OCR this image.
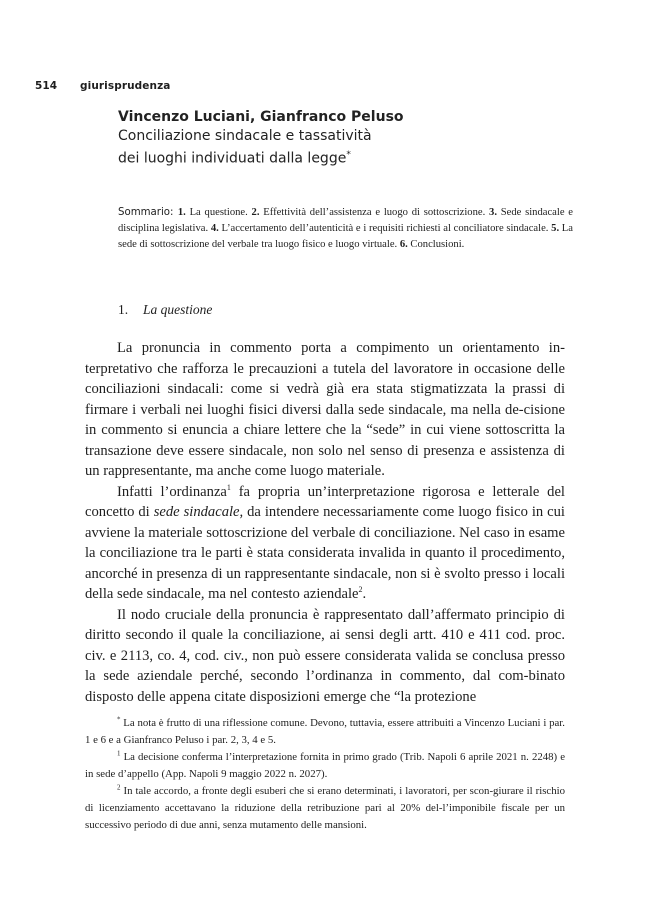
514 giurisprudenza
Vincenzo Luciani, Gianfranco Peluso
Conciliazione sindacale e tassatività
dei luoghi individuati dalla legge*
Sommario: 1. La questione. 2. Effettività dell’assistenza e luogo di sottoscrizione. 3. Sede sindacale e disciplina legislativa. 4. L’accertamento dell’autenticità e i requisiti richiesti al conciliatore sindacale. 5. La sede di sottoscrizione del verbale tra luogo fisico e luogo virtuale. 6. Conclusioni.
1. La questione

La pronuncia in commento porta a compimento un orientamento in-terpretativo che rafforza le precauzioni a tutela del lavoratore in occasione delle conciliazioni sindacali: come si vedrà già era stata stigmatizzata la prassi di firmare i verbali nei luoghi fisici diversi dalla sede sindacale, ma nella de-cisione in commento si enuncia a chiare lettere che la “sede” in cui viene sottoscritta la transazione deve essere sindacale, non solo nel senso di presenza e assistenza di un rappresentante, ma anche come luogo materiale.

Infatti l’ordinanza$^1$ fa propria un’interpretazione rigorosa e letterale del concetto di sede sindacale, da intendere necessariamente come luogo fisico in cui avviene la materiale sottoscrizione del verbale di conciliazione. Nel caso in esame la conciliazione tra le parti è stata considerata invalida in quanto il procedimento, ancorché in presenza di un rappresentante sindacale, non si è svolto presso i locali della sede sindacale, ma nel contesto aziendale$^2$.

Il nodo cruciale della pronuncia è rappresentato dall’affermato principio di diritto secondo il quale la conciliazione, ai sensi degli artt. 410 e 411 cod. proc. civ. e 2113, co. 4, cod. civ., non può essere considerata valida se conclusa presso la sede aziendale perché, secondo l’ordinanza in commento, dal com-binato disposto delle appena citate disposizioni emerge che “la protezione

* La nota è frutto di una riflessione comune. Devono, tuttavia, essere attribuiti a Vincenzo Luciani i par. 1 e 6 e a Gianfranco Peluso i par. 2, 3, 4 e 5.

$^1$ La decisione conferma l’interpretazione fornita in primo grado (Trib. Napoli 6 aprile 2021 n. 2248) e in sede d’appello (App. Napoli 9 maggio 2022 n. 2027).

$^2$ In tale accordo, a fronte degli esuberi che si erano determinati, i lavoratori, per scon-giurare il rischio di licenziamento accettavano la riduzione della retribuzione pari al 20% del-l’imponibile fiscale per un successivo periodo di due anni, senza mutamento delle mansioni.
